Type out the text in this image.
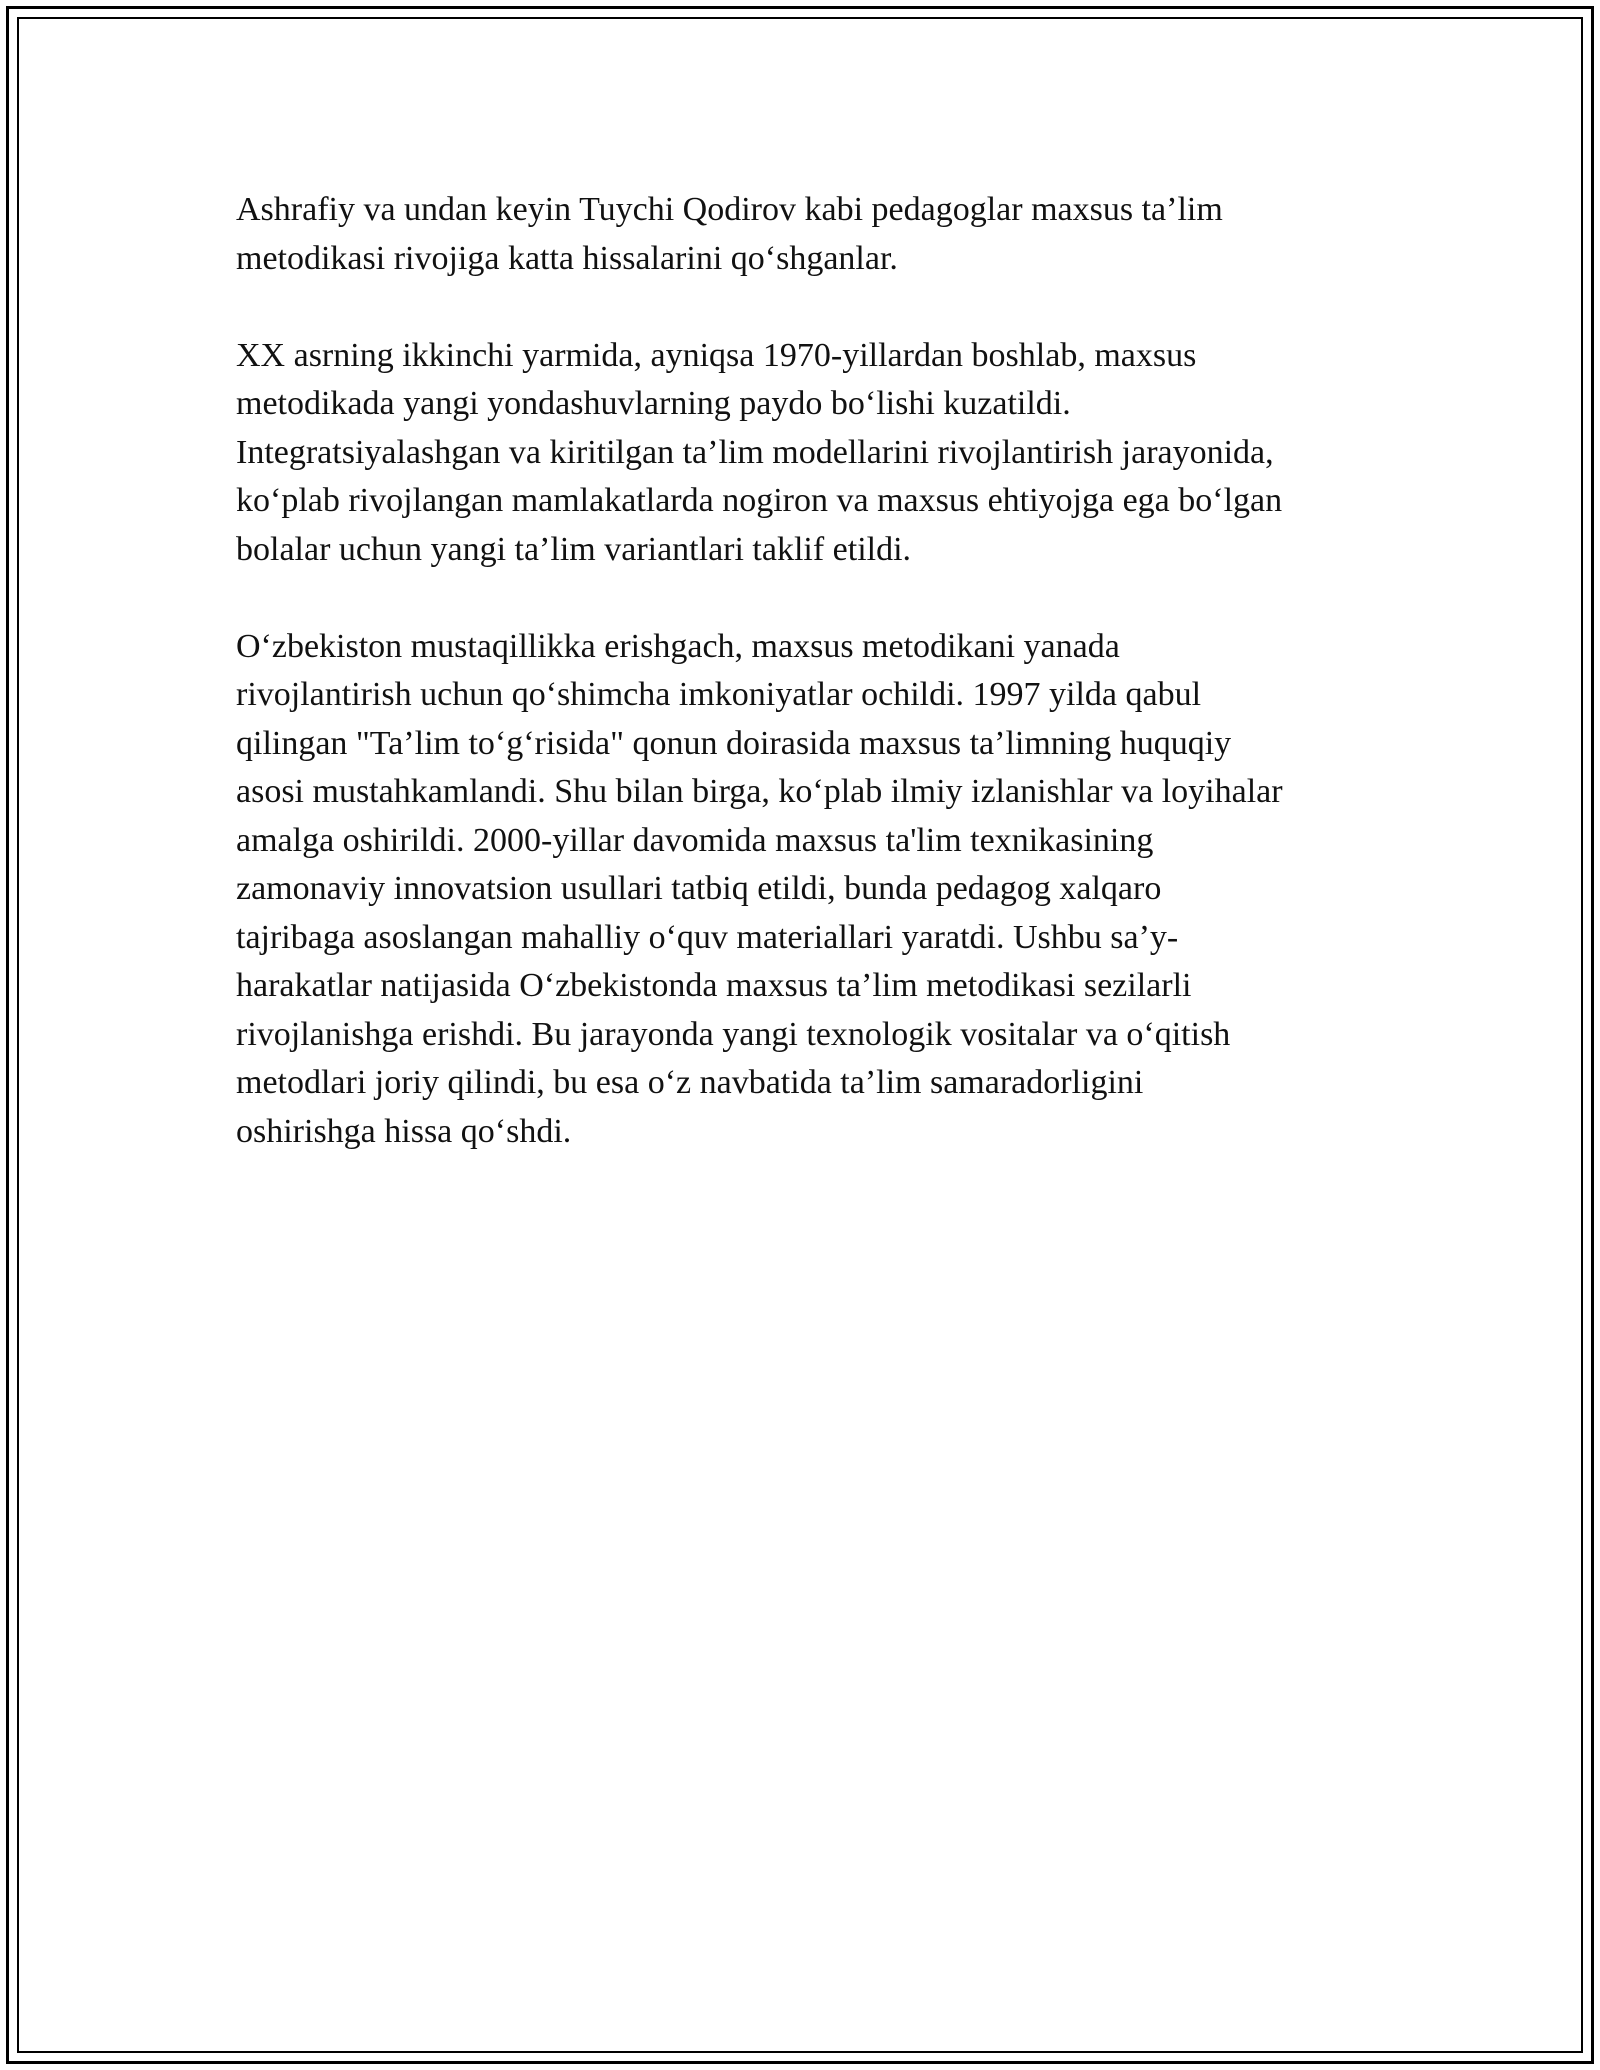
Ashrafiy va undan keyin Tuychi Qodirov kabi pedagoglar maxsus ta’lim
metodikasi rivojiga katta hissalarini qo‘shganlar.

XX asrning ikkinchi yarmida, ayniqsa 1970-yillardan boshlab, maxsus
metodikada yangi yondashuvlarning paydo bo‘lishi kuzatildi.
Integratsiyalashgan va kiritilgan ta’lim modellarini rivojlantirish jarayonida,
ko‘plab rivojlangan mamlakatlarda nogiron va maxsus ehtiyojga ega bo‘lgan
bolalar uchun yangi ta’lim variantlari taklif etildi.

O‘zbekiston mustaqillikka erishgach, maxsus metodikani yanada
rivojlantirish uchun qo‘shimcha imkoniyatlar ochildi. 1997 yilda qabul
qilingan "Ta’lim to‘g‘risida" qonun doirasida maxsus ta’limning huquqiy
asosi mustahkamlandi. Shu bilan birga, ko‘plab ilmiy izlanishlar va loyihalar
amalga oshirildi. 2000-yillar davomida maxsus ta'lim texnikasining
zamonaviy innovatsion usullari tatbiq etildi, bunda pedagog xalqaro
tajribaga asoslangan mahalliy o‘quv materiallari yaratdi. Ushbu sa’y-
harakatlar natijasida O‘zbekistonda maxsus ta’lim metodikasi sezilarli
rivojlanishga erishdi. Bu jarayonda yangi texnologik vositalar va o‘qitish
metodlari joriy qilindi, bu esa o‘z navbatida ta’lim samaradorligini
oshirishga hissa qo‘shdi.
